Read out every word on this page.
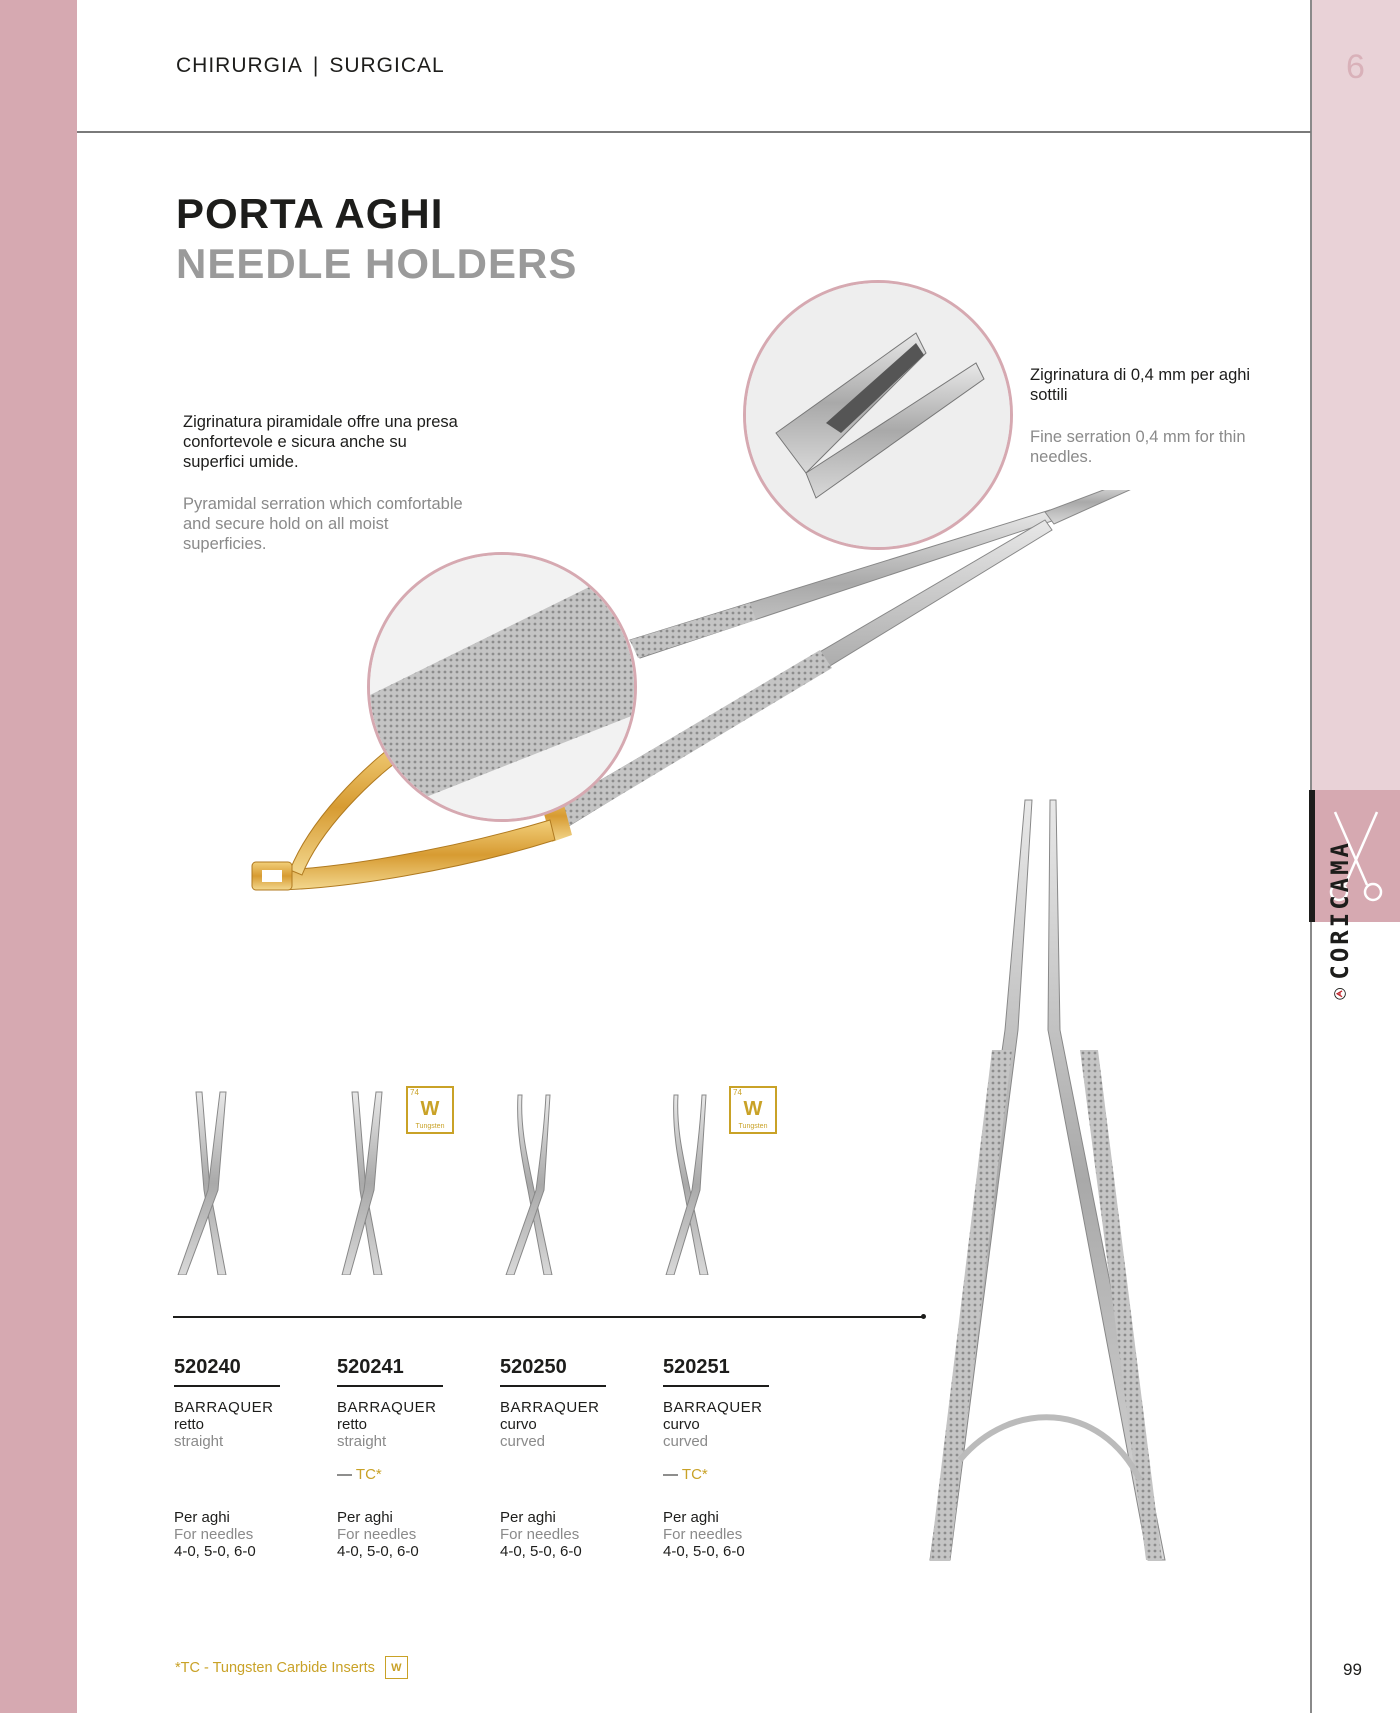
CHIRURGIA | SURGICAL	6
CORICAMA
PORTA AGHI
NEEDLE HOLDERS
Zigrinatura piramidale offre una presa confortevole e sicura anche su superfici umide.
Pyramidal serration which comfortable and secure hold on all moist superficies.
Zigrinatura di 0,4 mm per aghi sottili
Fine serration 0,4 mm for thin needles.
74
W
Tungsten
74
W
Tungsten
520240
BARRAQUER
retto
straight
Per aghi
For needles
4-0, 5-0, 6-0
520241
BARRAQUER
retto
straight
— TC*
Per aghi
For needles
4-0, 5-0, 6-0
520250
BARRAQUER
curvo
curved
Per aghi
For needles
4-0, 5-0, 6-0
520251
BARRAQUER
curvo
curved
— TC*
Per aghi
For needles
4-0, 5-0, 6-0
*TC - Tungsten Carbide Inserts	W	99
